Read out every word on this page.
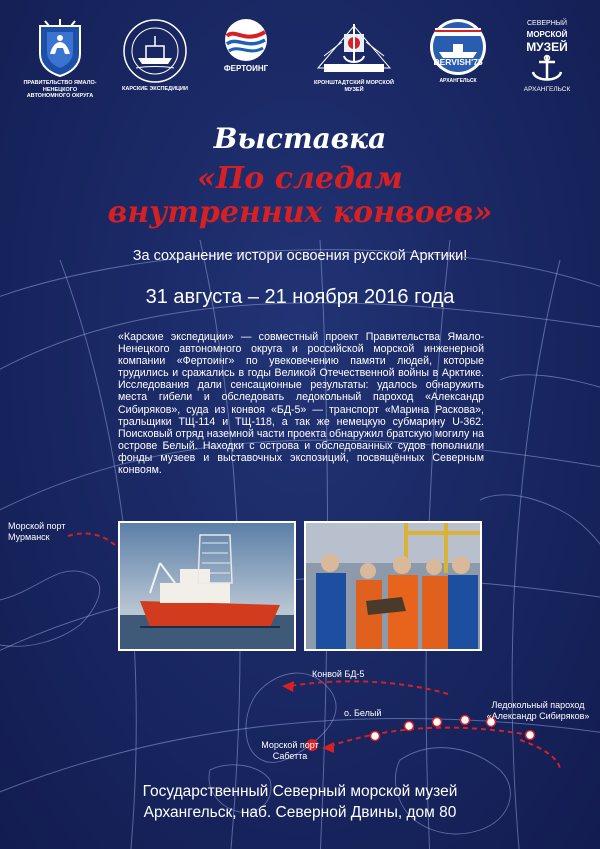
ПРАВИТЕЛЬСТВО ЯМАЛО-НЕНЕЦКОГО АВТОНОМНОГО ОКРУГА
КАРСКИЕ ЭКСПЕДИЦИИ
ФЕРТОИНГ
КРОНШТАДТСКИЙ МОРСКОЙ МУЗЕЙ
DERVISH'75
АРХАНГЕЛЬСК
СЕВЕРНЫЙ
МОРСКОЙ
МУЗЕЙ
АРХАНГЕЛЬСК
Выставка
«По следам
внутренних конвоев»
За сохранение истори освоения русской Арктики!
31 августа – 21 ноября 2016 года
«Карские экспедиции» — совместный проект Правительства Ямало-Ненецкого автономного округа и российской морской инженерной компании «Фертоинг» по увековечению памяти людей, которые трудились и сражались в годы Великой Отечественной войны в Арктике. Исследования дали сенсационные результаты: удалось обнаружить места гибели и обследовать ледокольный пароход «Александр Сибиряков», суда из конвоя «БД-5» — транспорт «Марина Раскова», тральщики ТЩ-114 и ТЩ-118, а так же немецкую субмарину U-362. Поисковый отряд наземной части проекта обнаружил братскую могилу на острове Белый. Находки с острова и обследованных судов пополнили фонды музеев и выставочных экспозиций, посвящённых Северным конвоям.
Морской порт
Мурманск
Конвой БД-5
о. Белый
Ледокольный пароход
«Александр Сибиряков»
Морской порт
Сабетта
Государственный Северный морской музей
Архангельск, наб. Северной Двины, дом 80
